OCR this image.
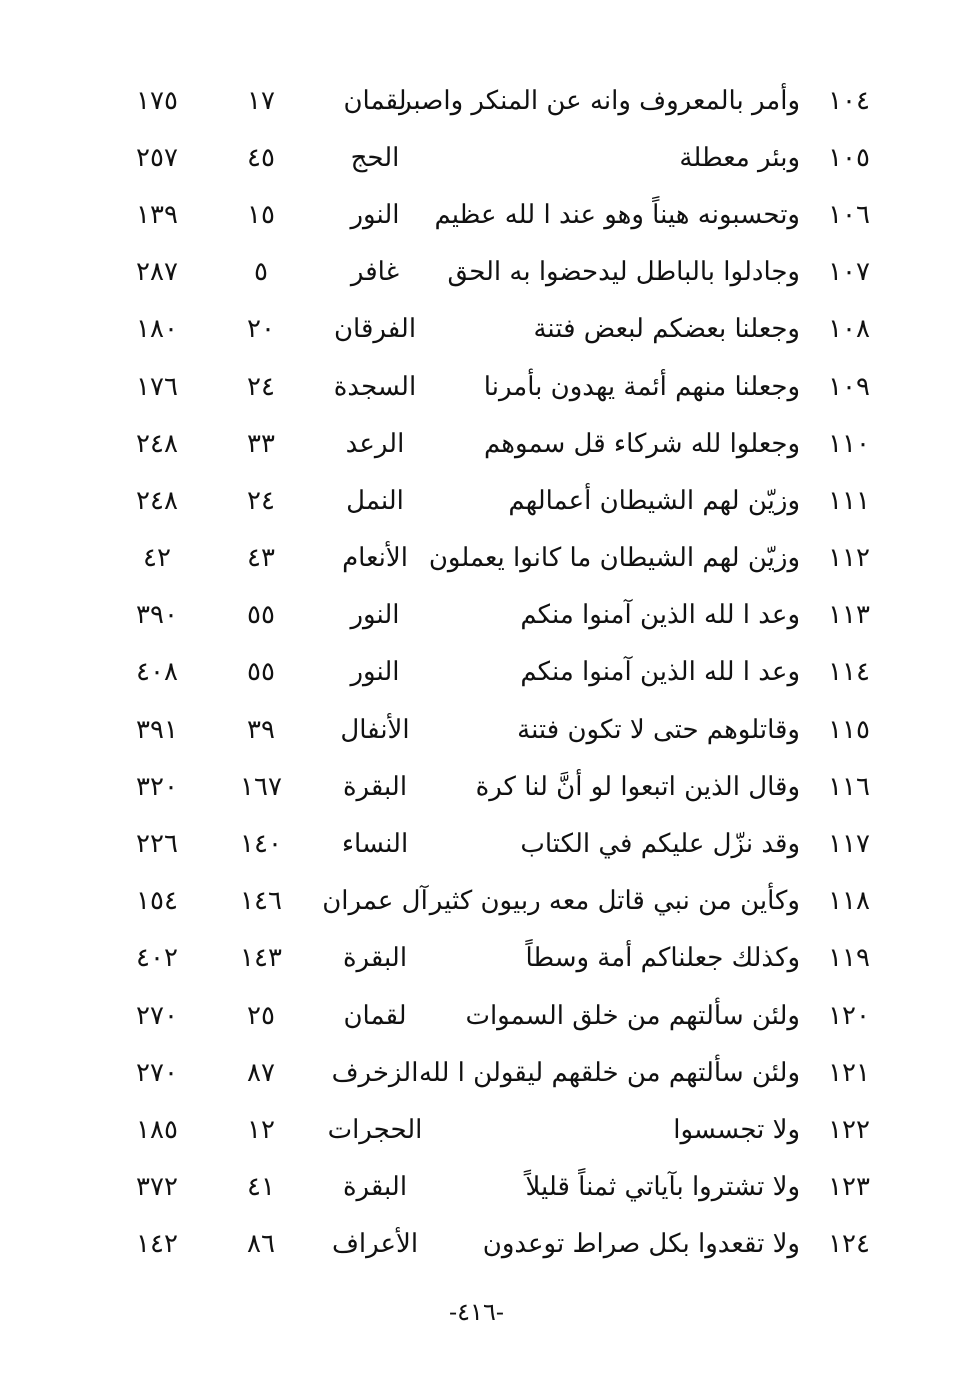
١٠٤
وأمر بالمعروف وانه عن المنكر واصبر
لقمان
١٧
١٧٥
١٠٥
وبئر معطلة
الحج
٤٥
٢٥٧
١٠٦
وتحسبونه هيناً وهو عند ا لله عظيم
النور
١٥
١٣٩
١٠٧
وجادلوا بالباطل ليدحضوا به الحق
غافر
٥
٢٨٧
١٠٨
وجعلنا بعضكم لبعض فتنة
الفرقان
٢٠
١٨٠
١٠٩
وجعلنا منهم أئمة يهدون بأمرنا
السجدة
٢٤
١٧٦
١١٠
وجعلوا لله شركاء قل سموهم
الرعد
٣٣
٢٤٨
١١١
وزيّن لهم الشيطان أعمالهم
النمل
٢٤
٢٤٨
١١٢
وزيّن لهم الشيطان ما كانوا يعملون
الأنعام
٤٣
٤٢
١١٣
وعد ا لله الذين آمنوا منكم
النور
٥٥
٣٩٠
١١٤
وعد ا لله الذين آمنوا منكم
النور
٥٥
٤٠٨
١١٥
وقاتلوهم حتى لا تكون فتنة
الأنفال
٣٩
٣٩١
١١٦
وقال الذين اتبعوا لو أنَّ لنا كرة
البقرة
١٦٧
٣٢٠
١١٧
وقد نزّل عليكم في الكتاب
النساء
١٤٠
٢٢٦
١١٨
وكأين من نبي قاتل معه ربيون كثير
آل عمران
١٤٦
١٥٤
١١٩
وكذلك جعلناكم أمة وسطاً
البقرة
١٤٣
٤٠٢
١٢٠
ولئن سألتهم من خلق السموات
لقمان
٢٥
٢٧٠
١٢١
ولئن سألتهم من خلقهم ليقولن ا لله
الزخرف
٨٧
٢٧٠
١٢٢
ولا تجسسوا
الحجرات
١٢
١٨٥
١٢٣
ولا تشتروا بآياتي ثمناً قليلاً
البقرة
٤١
٣٧٢
١٢٤
ولا تقعدوا بكل صراط توعدون
الأعراف
٨٦
١٤٢
-٤١٦-
